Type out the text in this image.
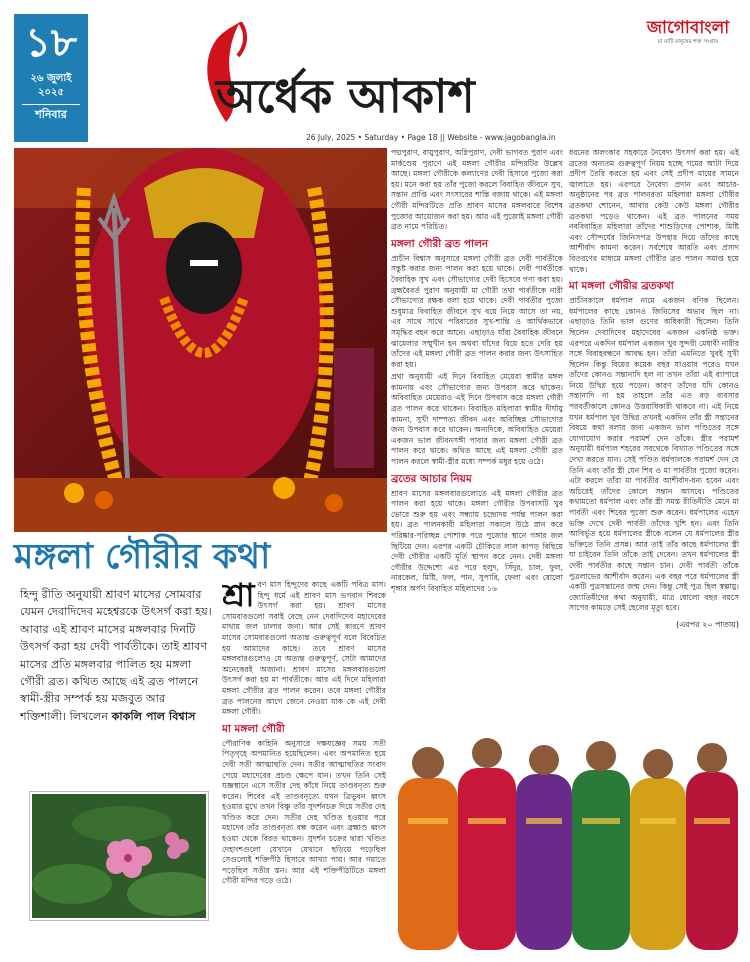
১৮
২৬ জুলাই
২০২৫
শনিবার	অর্ধেক আকাশ
26 July, 2025 • Saturday • Page 18 || Website - www.jagobangla.in
জাগোবাংলা
মা মাটি মানুষের শক্ত সংগ্রাম
মঙ্গলা গৌরীর কথা
হিন্দু রীতি অনুযায়ী শ্রাবণ মাসের সোমবার যেমন দেবাদিদেব মহেশ্বরকে উৎসর্গ করা হয়। আবার এই শ্রাবণ মাসের মঙ্গলবার দিনটি উৎসর্গ করা হয় দেবী পার্বতীকে। তাই শ্রাবণ মাসের প্রতি মঙ্গলবার পালিত হয় মঙ্গলা গৌরী ব্রত। কথিত আছে এই ব্রত পালনে স্বামী-স্ত্রীর সম্পর্ক হয় মজবুত আর শক্তিশালী। লিখলেন কাকলি পাল বিশ্বাস

শ্রা বণ মাস হিন্দুদের কাছে একটি পবিত্র মাস। হিন্দু ধর্মে এই শ্রাবণ মাস ভগবান শিবকে উৎসর্গ করা হয়। শ্রাবণ মাসের সোমবারগুলো সবাই বেছে নেন দেবাদিদেব মহাদেবের মাথায় জল ঢালার জন্য। আর সেই কারণে শ্রাবণ মাসের সোমবারগুলো অত্যন্ত গুরুত্বপূর্ণ বলে বিবেচিত হয় আমাদের কাছে। তবে শ্রাবণ মাসের মঙ্গলবারগুলোও যে অত্যন্ত গুরুত্বপূর্ণ, সেটা আমাদের অনেকেরই অজানা। শ্রাবণ মাসের মঙ্গলবারগুলো উৎসর্গ করা হয় মা পার্বতীকে। আর এই দিনে মহিলারা মঙ্গলা গৌরীর ব্রত পালন করেন। তবে মঙ্গলা গৌরীর ব্রত পালনের আগে জেনে নেওয়া যাক কে এই দেবী মঙ্গলা গৌরী।

মা মঙ্গলা গৌরী

পৌরাণিক কাহিনি অনুসারে দক্ষযজ্ঞের সময় সতী পিতৃগৃহে অপমানিত হয়েছিলেন। এবং অপমানিত হয়ে দেবী সতী আত্মাহুতি দেন। সতীর আত্মাহুতির সংবাদ পেয়ে মহাদেবের প্রচণ্ড ক্ষেপে যান। তখন তিনি সেই যজ্ঞস্থানে এসে সতীর দেহ কাঁধে নিয়ে তাণ্ডবনৃত্য শুরু করেন। শিবের এই তাণ্ডবনৃত্যে যখন ত্রিভুবন ধ্বংস হওয়ার মুখে তখন বিষ্ণু তাঁর সুদর্শনচক্র দিয়ে সতীর দেহ খণ্ডিত করে দেন। সতীর দেহ খণ্ডিত হওয়ার পরে মহাদেব তাঁর তাণ্ডবনৃত্য বন্ধ করেন এবং ব্রহ্মাণ্ড ধ্বংস হওয়া থেকে বিরত থাকেন। সুদর্শন চক্রের দ্বারা খণ্ডিত দেহাংশগুলো যেখানে যেখানে ছড়িয়ে পড়েছিল সেগুলোই শক্তিপীঠ হিসাবে আখ্যা পায়। আর গয়াতে পড়েছিল সতীর স্তন। আর এই শক্তিপীঠটিতে মঙ্গলা গৌরী মন্দির গড়ে ওঠে।

পদ্মপুরাণ, বায়ুপুরাণ, অগ্নিপুরাণ, দেবী ভাগবত পুরাণ এবং মার্কণ্ডেয় পুরাণে এই মঙ্গলা গৌরীর মন্দিরটির উল্লেখ আছে। মঙ্গলা গৌরীকে কল্যাণের দেবী হিসাবে পুজো করা হয়। মনে করা হয় তাঁর পুজো করলে বিবাহিত জীবনে সুখ, সন্তান প্রাপ্তি এবং সংসারের শান্তি বজায় থাকে। এই মঙ্গলা গৌরী মন্দিরটিতে প্রতি শ্রাবণ মাসের মঙ্গলবারে বিশেষ পুজোর আয়োজন করা হয়। আর এই পুজোই মঙ্গলা গৌরী ব্রত নামে পরিচিত।

মঙ্গলা গৌরী ব্রত পালন

প্রাচীন বিশ্বাস অনুসারে মঙ্গলা গৌরী ব্রত দেবী পার্বতীকে সন্তুষ্ট করার জন্য পালন করা হয়ে থাকে। দেবী পার্বতীকে বৈবাহিক সুখ এবং সৌভাগ্যের দেবী হিসেবে গণ্য করা হয়। ব্রহ্মবৈবর্ত পুরাণ অনুযায়ী মা গৌরী তথা পার্বতীকে নারী সৌভাগ্যের রক্ষক বলা হয়ে থাকে। দেবী পার্বতীর পুজো শুধুমাত্র বিবাহিত জীবনে সুখ বয়ে নিয়ে আসে তা নয়, এর সাথে সাথে পরিবারের সুখ-শান্তি ও আর্থিকভাবে সমৃদ্ধির বহন করে আনে। এছাড়াও যাঁরা বৈবাহিক জীবনে ঝামেলার সম্মুখীন হন অথবা যাঁদের বিয়ে হতে দেরি হয় তাঁদের এই মঙ্গলা গৌরী ব্রত পালন করার জন্য উৎসাহিত করা হয়।

প্রথা অনুযায়ী এই দিনে বিবাহিত মেয়েরা স্বামীর মঙ্গল কামনায় এবং সৌভাগ্যের জন্য উপবাস করে থাকেন। অবিবাহিত মেয়েরাও এই দিনে উপবাস করে মঙ্গলা গৌরী ব্রত পালন করে থাকেন। বিবাহিত মহিলারা স্বামীর দীর্ঘায়ু কামনা, সুখী দাম্পত্য জীবন এবং অবিচ্ছিন্ন সৌভাগ্যের জন্য উপবাস করে থাকেন। অন্যদিকে, অবিবাহিত মেয়েরা একজন ভাল জীবনসঙ্গী পাবার জন্য মঙ্গলা গৌরী ব্রত পালন করে থাকে। কথিত আছে এই মঙ্গলা গৌরী ব্রত পালন করলে স্বামী-স্ত্রীর মধ্যে সম্পর্ক মধুর হয়ে ওঠে।

ব্রতের আচার নিয়ম

শ্রাবণ মাসের মঙ্গলবারগুলোতে এই মঙ্গলা গৌরীর ব্রত পালন করা হয়ে থাকে। মঙ্গলা গৌরীর উপবাসটি খুব ভোরে শুরু হয় এবং সন্ধ্যায় চন্দ্রোদয় পর্যন্ত পালন করা হয়। ব্রত পালনকারী মহিলারা সকালে উঠে স্নান করে পরিষ্কার-পরিচ্ছন্ন পোশাক পরে পুজোর স্থানে গঙ্গার জল ছিটিয়ে দেন। এরপর একটি চৌকিতে লাল কাপড় বিছিয়ে দেবী গৌরীর একটি মূর্তি স্থাপন করে নেন। দেবী মঙ্গলা গৌরীর উদ্দেশ্যে এর পরে হলুদ, সিঁদুর, চাল, ফুল, নারকেল, মিষ্টি, ফল, পান, সুপারি, ফেলা এবং ষোলো শৃঙ্গার অর্পণ বিবাহিত মহিলাদের ১৬

ধরনের অলংকার সহকারে নৈবেদ্য উৎসর্গ করা হয়। এই ব্রতের অন্যতম গুরুত্বপূর্ণ নিয়ম হচ্ছে গমের আটা দিয়ে প্রদীপ তৈরি করতে হয় এবং সেই প্রদীপ মায়ের সামনে জ্বালাতে হয়। এরপরে নৈবেদ্য প্রদান এবং আচার-অনুষ্ঠানের পর ব্রত পালনরতা মহিলারা মঙ্গলা গৌরীর ব্রতকথা শোনেন, আবার কেউ কেউ মঙ্গলা গৌরীর ব্রতকথা পড়েও থাকেন। এই ব্রত পালনের সময় নববিবাহিত মহিলারা তাঁদের শাশুড়িদের পোশাক, মিষ্টি এবং সৌন্দর্যের জিনিসপত্র উপহার দিয়ে তাঁদের কাছে আশীর্বাদ কামনা করেন। সর্বশেষে আরতি এবং প্রসাদ বিতরণের মাধ্যমে মঙ্গলা গৌরীর ব্রত পালন সমাপ্ত হয়ে থাকে।

মা মঙ্গলা গৌরীর ব্রতকথা

প্রাচীনকালে ধর্মপাল নামে একজন বণিক ছিলেন। ধর্মপালের কাছে কোনও জিনিসের অভাব ছিল না। এছাড়াও তিনি ভাল গুণের অধিকারী ছিলেন। তিনি ছিলেন দেবাদিদেব মহাদেবের একজন একনিষ্ঠ ভক্ত। এরপরে একদিন ধর্মপাল একজন খুব সুন্দরী মেধাবী নারীর সঙ্গে বিবাহবন্ধনে আবদ্ধ হন। তাঁরা এমনিতে খুবই সুখী ছিলেন কিন্তু বিয়ের কয়েক বছর যাওয়ার পরেও যখন তাঁদের কোনও সন্তানাদি হল না তখন তাঁরা এই ব্যাপারে নিয়ে উদ্বিগ্ন হয়ে পড়েন। কারণ তাঁদের যদি কোনও সন্তানাদি না হয় তাহলে তাঁর এত বড় ব্যবসার পরবর্তীকালে কোনও উত্তরাধিকারী থাকবে না। এই নিয়ে যখন ধর্মপাল খুব উদ্বিগ্ন তখনই একদিন তাঁর স্ত্রী সন্তানের বিষয়ে কথা বলার জন্য একজন ভাল পণ্ডিতের সঙ্গে যোগাযোগ করার পরামর্শ দেন তাঁকে। স্ত্রীর পরামর্শ অনুযায়ী ধর্মপাল শহরের সবথেকে বিখ্যাত পণ্ডিতের সঙ্গে দেখা করতে যান। সেই পণ্ডিত ধর্মপালকে পরামর্শ দেন যে তিনি এবং তাঁর স্ত্রী যেন শিব ও মা পার্বতীর পুজো করেন। এটা করলে তাঁরা মা পার্বতীর আশীর্বাদ-ধন্য হবেন এবং অচিরেই তাঁদের কোলে সন্তান আসবে। পণ্ডিতের কথামতো ধর্মপাল এবং তাঁর স্ত্রী সমস্ত রীতিনীতি মেনে মা পার্বতী এবং শিবের পুজো শুরু করেন। ধর্মপালের এহেন ভক্তি দেখে দেবী পার্বতী তাঁদের খুশি হন। এবং তিনি আবির্ভূত হয়ে ধর্মপালের স্ত্রীকে বলেন যে ধর্মপালের স্ত্রীর ভক্তিতে তিনি প্রসন্ন। আর তাই তাঁর কাছে ধর্মপালের স্ত্রী যা চাইবেন তিনি তাঁকে তাই দেবেন। তখন ধর্মপালের স্ত্রী দেবী পার্বতীর কাছে সন্তান চান। দেবী পার্বতী তাঁকে পুত্রলাভের আশীর্বাদ করেন। এক বছর পরে ধর্মপালের স্ত্রী একটি পুত্রসন্তানের জন্ম দেন। কিন্তু সেই পুত্র ছিল স্বল্পায়ু। জ্যোতিষীদের কথা অনুযায়ী, মাত্র ষোলো বছর বয়সে সাপের কামড়ে সেই ছেলের মৃত্যু হবে।

(এরপর ২০ পাতায়)
